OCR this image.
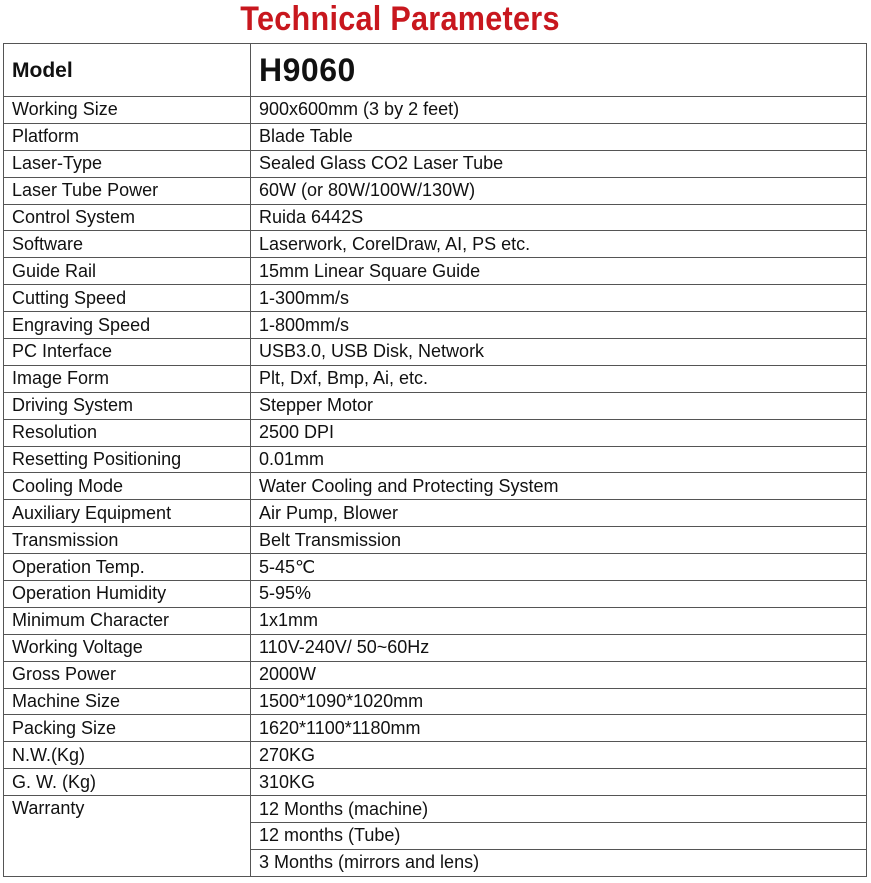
Technical Parameters
Model	H9060
Working Size	900x600mm (3 by 2 feet)
Platform	Blade Table
Laser-Type	Sealed Glass CO2 Laser Tube
Laser Tube Power	60W (or 80W/100W/130W)
Control System	Ruida 6442S
Software	Laserwork, CorelDraw, AI, PS etc.
Guide Rail	15mm Linear Square Guide
Cutting Speed	1-300mm/s
Engraving Speed	1-800mm/s
PC Interface	USB3.0, USB Disk, Network
Image Form	Plt, Dxf, Bmp, Ai, etc.
Driving System	Stepper Motor
Resolution	2500 DPI
Resetting Positioning	0.01mm
Cooling Mode	Water Cooling and Protecting System
Auxiliary Equipment	Air Pump, Blower
Transmission	Belt Transmission
Operation Temp.	5-45℃
Operation Humidity	5-95%
Minimum Character	1x1mm
Working Voltage	110V-240V/ 50~60Hz
Gross Power	2000W
Machine Size	1500*1090*1020mm
Packing Size	1620*1100*1180mm
N.W.(Kg)	270KG
G. W. (Kg)	310KG
Warranty	12 Months (machine)
	12 months (Tube)
	3 Months (mirrors and lens)
